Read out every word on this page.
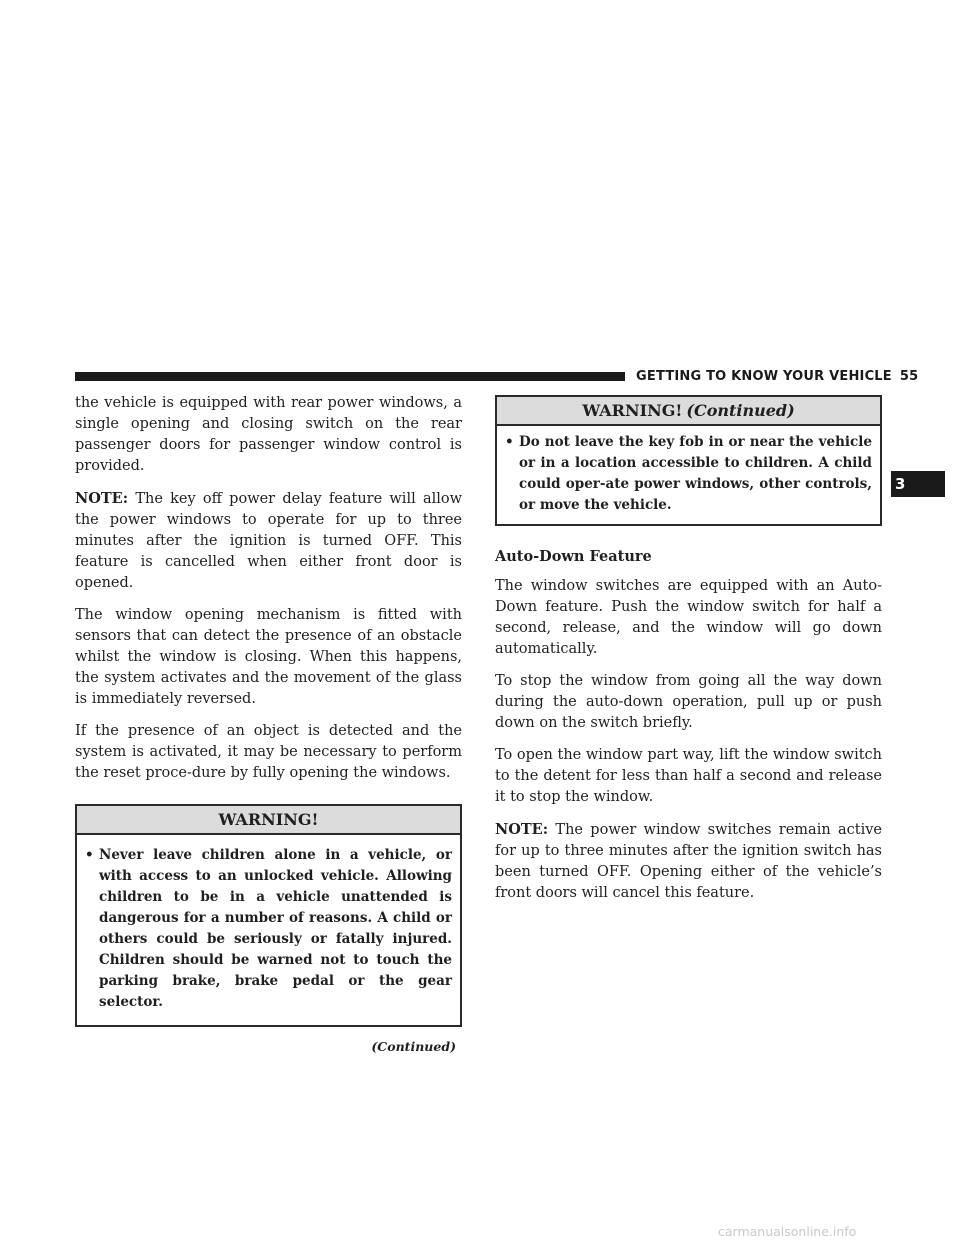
GETTING TO KNOW YOUR VEHICLE 55
3

the vehicle is equipped with rear power windows, a single opening and closing switch on the rear passenger doors for passenger window control is provided.

NOTE: The key off power delay feature will allow the power windows to operate for up to three minutes after the ignition is turned OFF. This feature is cancelled when either front door is opened.

The window opening mechanism is fitted with sensors that can detect the presence of an obstacle whilst the window is closing. When this happens, the system activates and the movement of the glass is immediately reversed.

If the presence of an object is detected and the system is activated, it may be necessary to perform the reset proce-dure by fully opening the windows.

WARNING!
• Never leave children alone in a vehicle, or with access to an unlocked vehicle. Allowing children to be in a vehicle unattended is dangerous for a number of reasons. A child or others could be seriously or fatally injured. Children should be warned not to touch the parking brake, brake pedal or the gear selector.
(Continued)
WARNING! (Continued)
• Do not leave the key fob in or near the vehicle or in a location accessible to children. A child could oper-ate power windows, other controls, or move the vehicle.
Auto-Down Feature

The window switches are equipped with an Auto-Down feature. Push the window switch for half a second, release, and the window will go down automatically.

To stop the window from going all the way down during the auto-down operation, pull up or push down on the switch briefly.

To open the window part way, lift the window switch to the detent for less than half a second and release it to stop the window.

NOTE: The power window switches remain active for up to three minutes after the ignition switch has been turned OFF. Opening either of the vehicle’s front doors will cancel this feature.

carmanualsonline.info
